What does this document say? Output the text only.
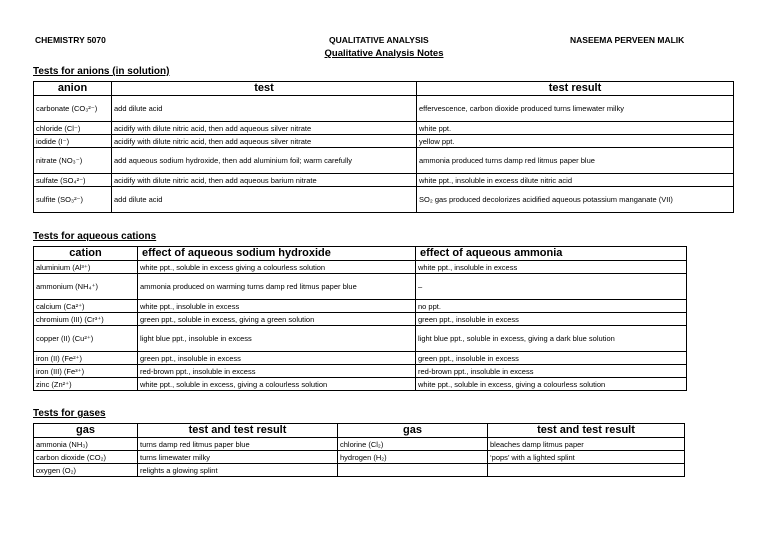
CHEMISTRY 5070	QUALITATIVE ANALYSIS	NASEEMA PERVEEN MALIK
Qualitative Analysis Notes
Tests for anions (in solution)
anion	test	test result
carbonate (CO₃²⁻)	add dilute acid	effervescence, carbon dioxide produced turns limewater milky
chloride (Cl⁻)	acidify with dilute nitric acid, then add aqueous silver nitrate	white ppt.
iodide (I⁻)	acidify with dilute nitric acid, then add aqueous silver nitrate	yellow ppt.
nitrate (NO₃⁻)	add aqueous sodium hydroxide, then add aluminium foil; warm carefully	ammonia produced turns damp red litmus paper blue
sulfate (SO₄²⁻)	acidify with dilute nitric acid, then add aqueous barium nitrate	white ppt., insoluble in excess dilute nitric acid
sulfite (SO₃²⁻)	add dilute acid	SO₂ gas produced decolorizes acidified aqueous potassium manganate (VII)
Tests for aqueous cations
cation	effect of aqueous sodium hydroxide	effect of aqueous ammonia
aluminium (Al³⁺)	white ppt., soluble in excess giving a colourless solution	white ppt., insoluble in excess
ammonium (NH₄⁺)	ammonia produced on warming turns damp red litmus paper blue	–
calcium (Ca²⁺)	white ppt., insoluble in excess	no ppt.
chromium (III) (Cr³⁺)	green ppt., soluble in excess, giving a green solution	green ppt., insoluble in excess
copper (II) (Cu²⁺)	light blue ppt., insoluble in excess	light blue ppt., soluble in excess, giving a dark blue solution
iron (II) (Fe²⁺)	green ppt., insoluble in excess	green ppt., insoluble in excess
iron (III) (Fe³⁺)	red-brown ppt., insoluble in excess	red-brown ppt., insoluble in excess
zinc (Zn²⁺)	white ppt., soluble in excess, giving a colourless solution	white ppt., soluble in excess, giving a colourless solution
Tests for gases
gas	test and test result	gas	test and test result
ammonia (NH₃)	turns damp red litmus paper blue	chlorine (Cl₂)	bleaches damp litmus paper
carbon dioxide (CO₂)	turns limewater milky	hydrogen (H₂)	‘pops’ with a lighted splint
oxygen (O₂)	relights a glowing splint		
